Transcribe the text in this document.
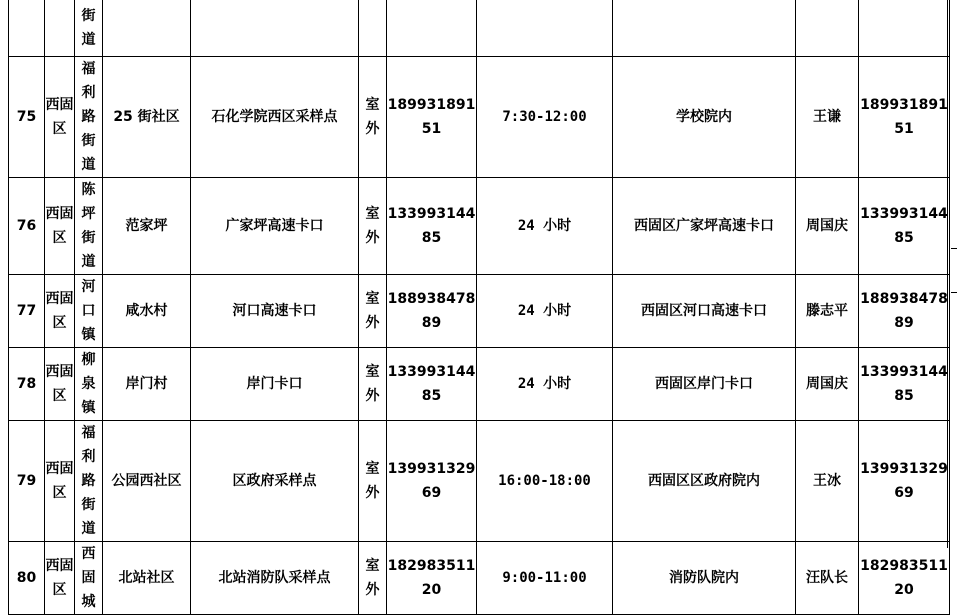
		街道								
75	西固区	福利路街道	25 街社区	石化学院西区采样点	室外	18993189151	7:30-12:00	学校院内	王谦	18993189151
76	西固区	陈坪街道	范家坪	广家坪高速卡口	室外	13399314485	24 小时	西固区广家坪高速卡口	周国庆	13399314485
77	西固区	河口镇	咸水村	河口高速卡口	室外	18893847889	24 小时	西固区河口高速卡口	滕志平	18893847889
78	西固区	柳泉镇	岸门村	岸门卡口	室外	13399314485	24 小时	西固区岸门卡口	周国庆	13399314485
79	西固区	福利路街道	公园西社区	区政府采样点	室外	13993132969	16:00-18:00	西固区区政府院内	王冰	13993132969
80	西固区	西固城	北站社区	北站消防队采样点	室外	18298351120	9:00-11:00	消防队院内	汪队长	18298351120
